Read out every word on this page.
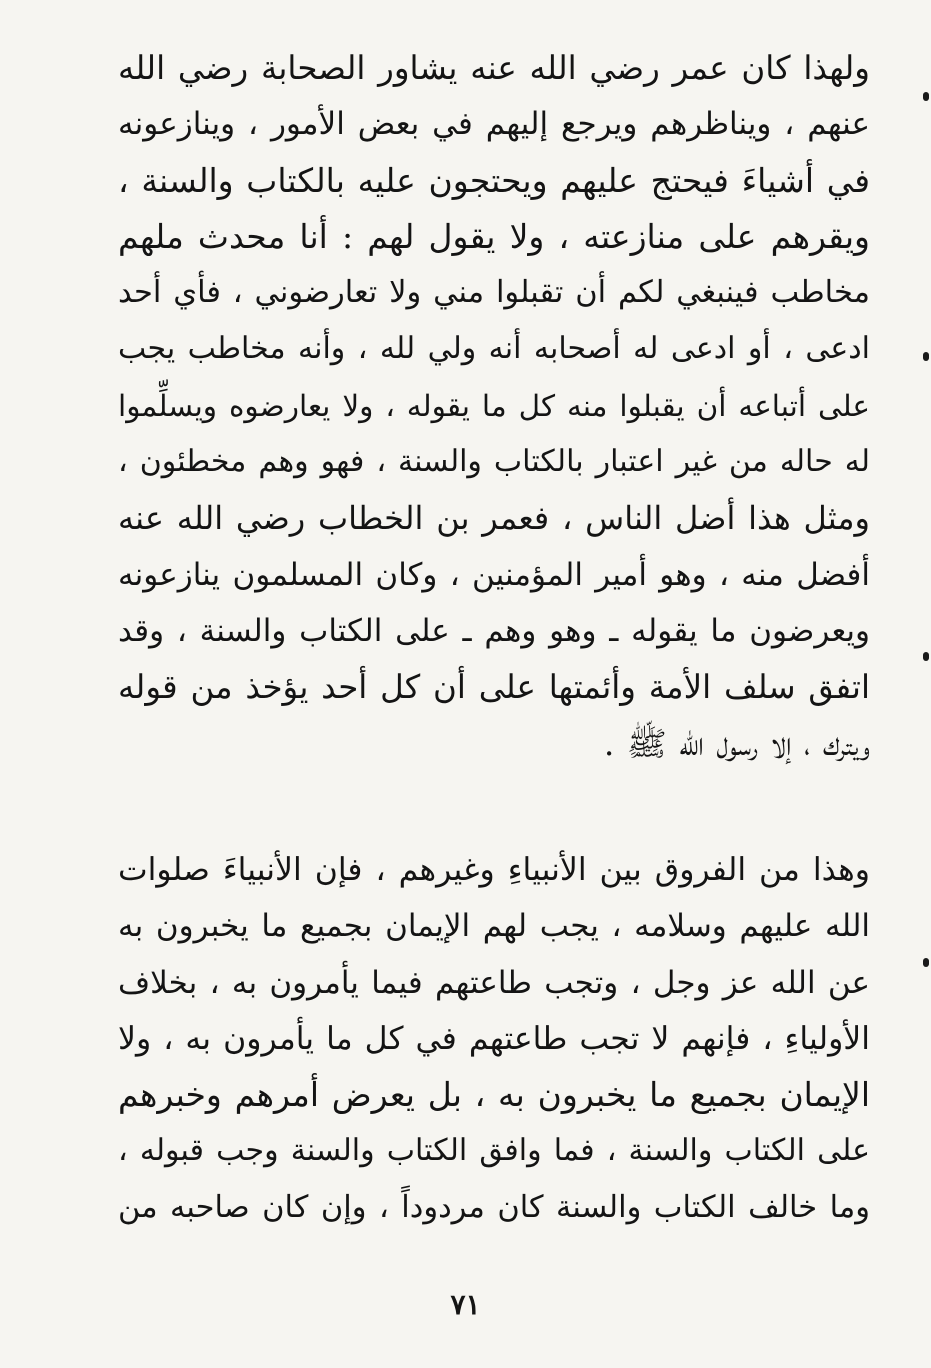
ولهذا كان عمر رضي الله عنه يشاور الصحابة رضي الله
عنهم ، ويناظرهم ويرجع إليهم في بعض الأمور ، وينازعونه
في أشياءَ فيحتج عليهم ويحتجون عليه بالكتاب والسنة ،
ويقرهم على منازعته ، ولا يقول لهم : أنا محدث ملهم
مخاطب فينبغي لكم أن تقبلوا مني ولا تعارضوني ، فأي أحد
ادعى ، أو ادعى له أصحابه أنه ولي لله ، وأنه مخاطب يجب
على أتباعه أن يقبلوا منه كل ما يقوله ، ولا يعارضوه ويسلِّموا
له حاله من غير اعتبار بالكتاب والسنة ، فهو وهم مخطئون ،
ومثل هذا أضل الناس ، فعمر بن الخطاب رضي الله عنه
أفضل منه ، وهو أمير المؤمنين ، وكان المسلمون ينازعونه
ويعرضون ما يقوله ـ وهو وهم ـ على الكتاب والسنة ، وقد
اتفق سلف الأمة وأئمتها على أن كل أحد يؤخذ من قوله
ويترك ، إلا رسول الله ﷺ .
وهذا من الفروق بين الأنبياءِ وغيرهم ، فإن الأنبياءَ صلوات
الله عليهم وسلامه ، يجب لهم الإيمان بجميع ما يخبرون به
عن الله عز وجل ، وتجب طاعتهم فيما يأمرون به ، بخلاف
الأولياءِ ، فإنهم لا تجب طاعتهم في كل ما يأمرون به ، ولا
الإيمان بجميع ما يخبرون به ، بل يعرض أمرهم وخبرهم
على الكتاب والسنة ، فما وافق الكتاب والسنة وجب قبوله ،
وما خالف الكتاب والسنة كان مردوداً ، وإن كان صاحبه من
٧١
